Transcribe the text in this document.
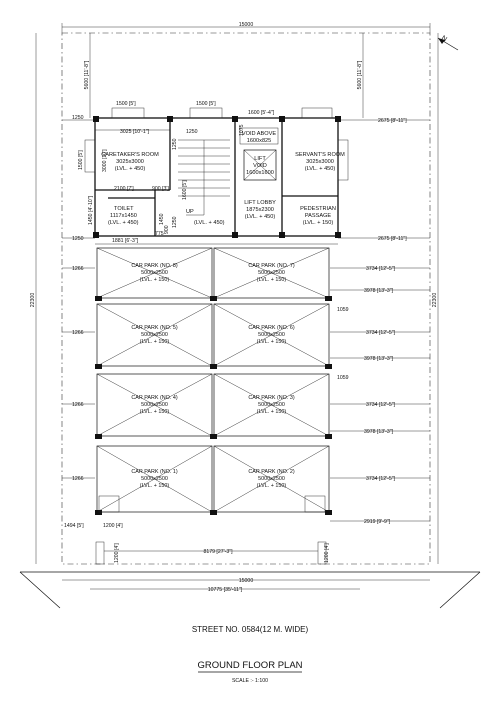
15000
N
22300	22300
5600 [11'-8"]	5600 [11'-8"]
1250
1250
2675 [8'-11"]
2675 [8'-11"]
1500 [5']	1500 [5']
1600 [5'-4"]
3025 [10'-1"]	1250
CARETAKER'S ROOM
3025x3000
(LVL. + 450)
3000 [10']
1500 [5']
2100 [7']	900 [3']
TOILET
1117x1450
(LVL. + 450)
1450 [4'-10"]	1450
900
775
1881 [6'-3"]
UP
(LVL. + 450)
1250
1250
1600 [5']
VOID ABOVE
1600x825
1075
LIFT
VOID
1600x1600
LIFT LOBBY
1875x2300
(LVL. + 450)
SERVANT'S ROOM
3025x3000
(LVL. + 450)
PEDESTRIAN
PASSAGE
(LVL. + 150)
CAR PARK (NO. 8)
5000x2500
(LVL. + 150)
CAR PARK (NO. 7)
5000x2500
(LVL. + 150)
CAR PARK (NO. 5)
5000x2500
(LVL. + 150)
CAR PARK (NO. 6)
5000x2500
(LVL. + 150)
CAR PARK (NO. 4)
5000x2500
(LVL. + 150)
CAR PARK (NO. 3)
5000x2500
(LVL. + 150)
CAR PARK (NO. 1)
5000x2500
(LVL. + 150)
CAR PARK (NO. 2)
5000x2500
(LVL. + 150)
3734 [12'-5"]
3978 [13'-3"]
1059
3734 [12'-5"]
3978 [13'-3"]
1059
3734 [12'-5"]
3978 [13'-3"]
3734 [12'-5"]
2919 [9'-9"]
1266
1266
1266
1266
1494 [5']	1200 [4']
1200 [4']	1200 [4']
8179 [27'-3"]
15000
10775 [35'-11"]
STREET NO. 0584(12 M. WIDE)
GROUND FLOOR PLAN
SCALE :- 1:100
